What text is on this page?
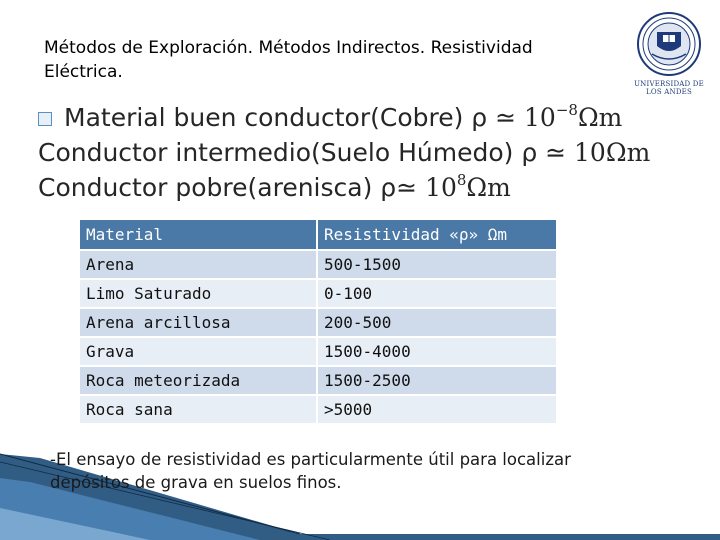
Métodos de Exploración. Métodos Indirectos. Resistividad Eléctrica.
UNIVERSIDAD DE LOS ANDES
Material buen conductor(Cobre) ρ ≃ $10^{-8}\Omega m$
Conductor intermedio(Suelo Húmedo) ρ ≃ 10Ωm
Conductor pobre(arenisca) ρ≃ $10^8\Omega m$
Material	Resistividad «ρ» Ωm
Arena	500-1500
Limo Saturado	0-100
Arena arcillosa	200-500
Grava	1500-4000
Roca meteorizada	1500-2500
Roca sana	>5000
-El ensayo de resistividad es particularmente útil para localizar depósitos de grava en suelos finos.
